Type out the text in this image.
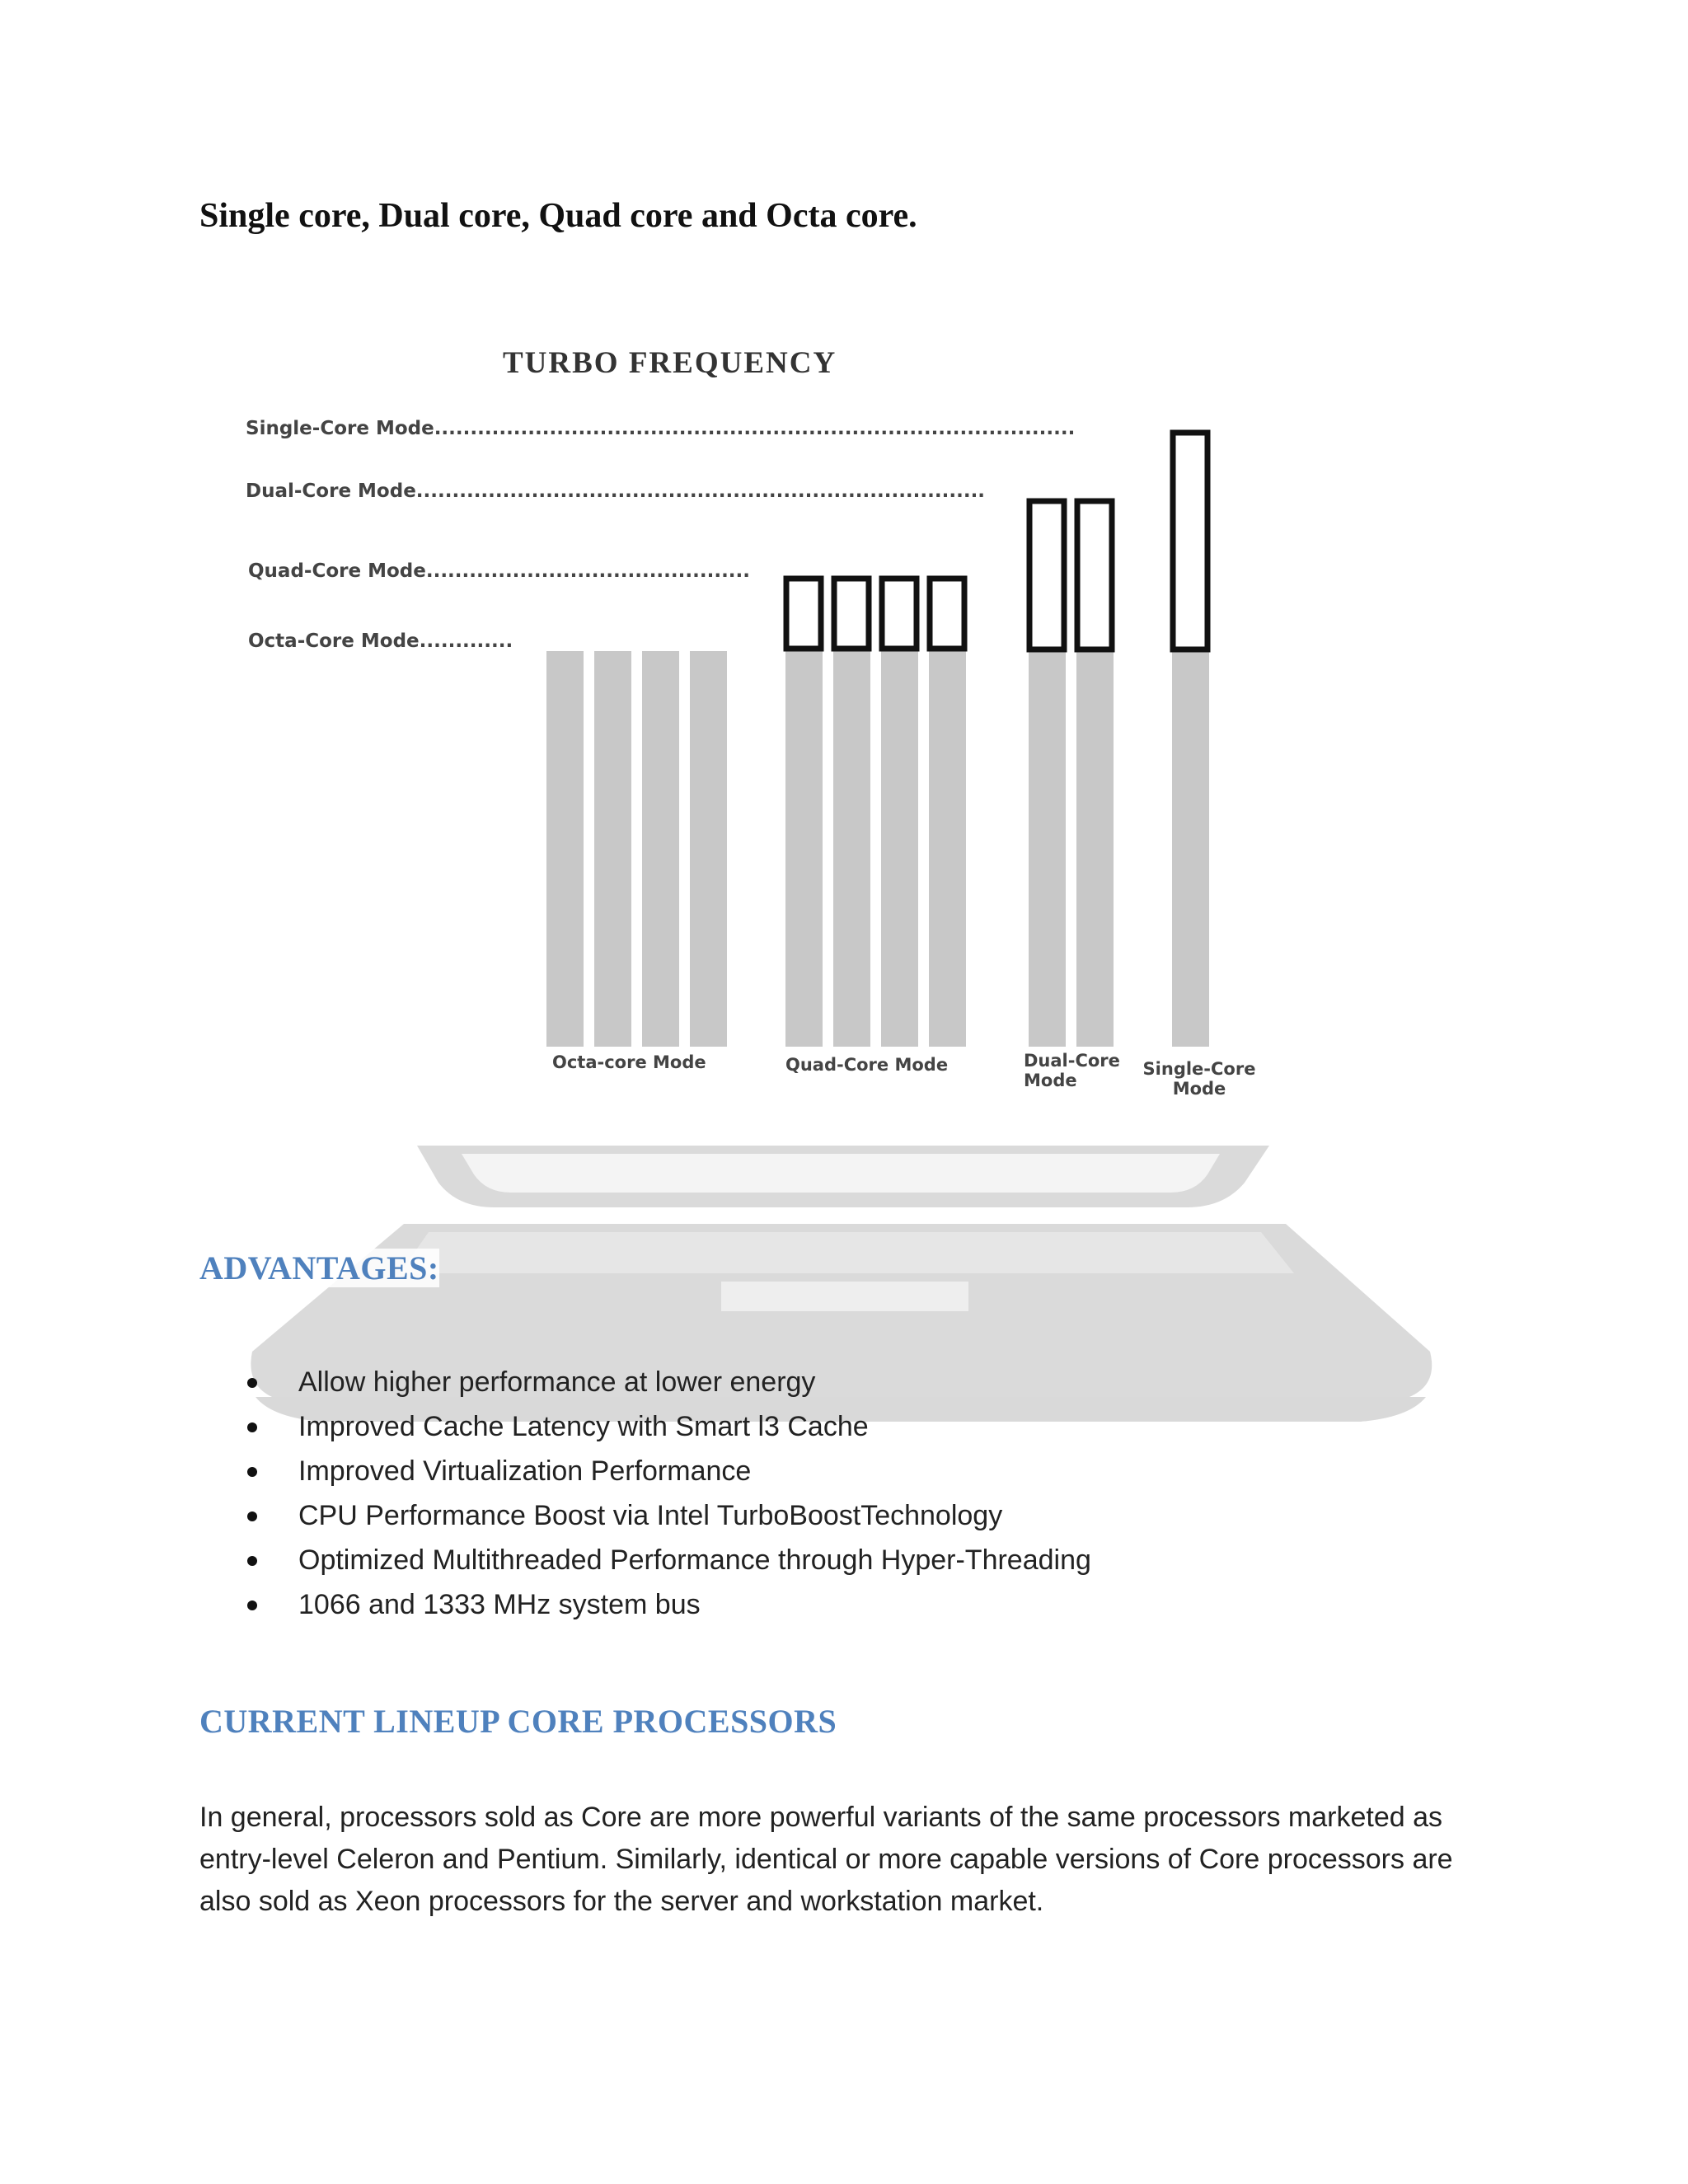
Single core, Dual core, Quad core and Octa core.
TURBO FREQUENCY
Single-Core Mode.........................................................................................
Dual-Core Mode...............................................................................
Quad-Core Mode.............................................
Octa-Core Mode.............
Octa-core Mode	Quad-Core Mode	Dual-Core Mode
Single-Core Mode
ADVANTAGES:
Allow higher performance at lower energy
Improved Cache Latency with Smart l3 Cache
Improved Virtualization Performance
CPU Performance Boost via Intel TurboBoostTechnology
Optimized Multithreaded Performance through Hyper-Threading
1066 and 1333 MHz system bus
CURRENT LINEUP CORE PROCESSORS

In general, processors sold as Core are more powerful variants of the same processors marketed as entry-level Celeron and Pentium. Similarly, identical or more capable versions of Core processors are also sold as Xeon processors for the server and workstation market.
